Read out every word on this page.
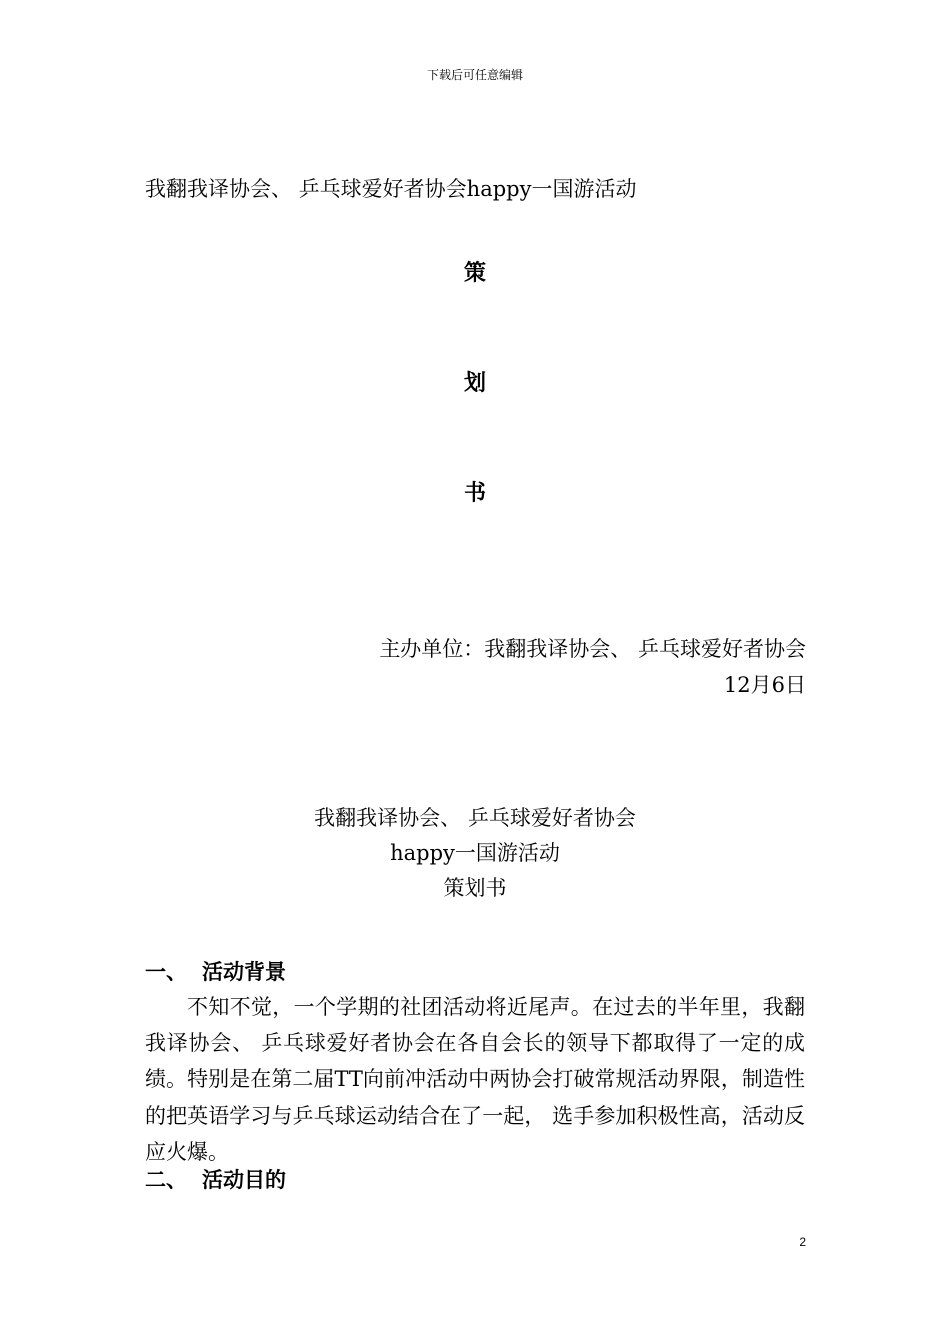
下载后可任意编辑
我翻我译协会、 乒乓球爱好者协会happy一国游活动
策
划
书
主办单位：我翻我译协会、 乒乓球爱好者协会
12月6日
我翻我译协会、 乒乓球爱好者协会
happy一国游活动
策划书
一、 活动背景
不知不觉，一个学期的社团活动将近尾声。在过去的半年里，我翻我译协会、 乒乓球爱好者协会在各自会长的领导下都取得了一定的成绩。特别是在第二届TT向前冲活动中两协会打破常规活动界限，制造性的把英语学习与乒乓球运动结合在了一起， 选手参加积极性高，活动反应火爆。
二、 活动目的
2
